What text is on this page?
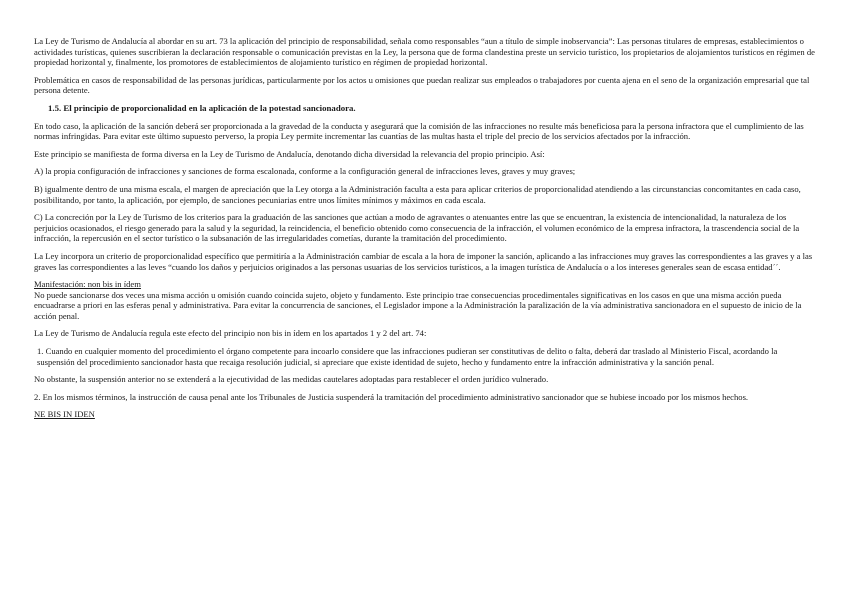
La Ley de Turismo de Andalucía al abordar en su art. 73 la aplicación del principio de responsabilidad, señala como responsables “aun a título de simple inobservancia”: Las personas titulares de empresas, establecimientos o actividades turísticas, quienes suscribieran la declaración responsable o comunicación previstas en la Ley, la persona que de forma clandestina preste un servicio turístico, los propietarios de alojamientos turísticos en régimen de propiedad horizontal y, finalmente, los promotores de establecimientos de alojamiento turístico en régimen de propiedad horizontal.

Problemática en casos de responsabilidad de las personas jurídicas, particularmente por los actos u omisiones que puedan realizar sus empleados o trabajadores por cuenta ajena en el seno de la organización empresarial que tal persona detente.

1.5. El principio de proporcionalidad en la aplicación de la potestad sancionadora.

En todo caso, la aplicación de la sanción deberá ser proporcionada a la gravedad de la conducta y asegurará que la comisión de las infracciones no resulte más beneficiosa para la persona infractora que el cumplimiento de las normas infringidas. Para evitar este último supuesto perverso, la propia Ley permite incrementar las cuantías de las multas hasta el triple del precio de los servicios afectados por la infracción.

Este principio se manifiesta de forma diversa en la Ley de Turismo de Andalucía, denotando dicha diversidad la relevancia del propio principio. Así:

A) la propia configuración de infracciones y sanciones de forma escalonada, conforme a la configuración general de infracciones leves, graves y muy graves;

B) igualmente dentro de una misma escala, el margen de apreciación que la Ley otorga a la Administración faculta a esta para aplicar criterios de proporcionalidad atendiendo a las circunstancias concomitantes en cada caso, posibilitando, por tanto, la aplicación, por ejemplo, de sanciones pecuniarias entre unos límites mínimos y máximos en cada escala.

C) La concreción por la Ley de Turismo de los criterios para la graduación de las sanciones que actúan a modo de agravantes o atenuantes entre las que se encuentran, la existencia de intencionalidad, la naturaleza de los perjuicios ocasionados, el riesgo generado para la salud y la seguridad, la reincidencia, el beneficio obtenido como consecuencia de la infracción, el volumen económico de la empresa infractora, la trascendencia social de la infracción, la repercusión en el sector turístico o la subsanación de las irregularidades cometías, durante la tramitación del procedimiento.

La Ley incorpora un criterio de proporcionalidad específico que permitiría a la Administración cambiar de escala a la hora de imponer la sanción, aplicando a las infracciones muy graves las correspondientes a las graves y a las graves las correspondientes a las leves “cuando los daños y perjuicios originados a las personas usuarias de los servicios turísticos, a la imagen turística de Andalucía o a los intereses generales sean de escasa entidad´´.

Manifestación: non bis in ídem

No puede sancionarse dos veces una misma acción u omisión cuando coincida sujeto, objeto y fundamento. Este principio trae consecuencias procedimentales significativas en los casos en que una misma acción pueda encuadrarse a priori en las esferas penal y administrativa. Para evitar la concurrencia de sanciones, el Legislador impone a la Administración la paralización de la vía administrativa sancionadora en el supuesto de inicio de la acción penal.

La Ley de Turismo de Andalucía regula este efecto del principio non bis in ídem en los apartados 1 y 2 del art. 74:

1. Cuando en cualquier momento del procedimiento el órgano competente para incoarlo considere que las infracciones pudieran ser constitutivas de delito o falta, deberá dar traslado al Ministerio Fiscal, acordando la suspensión del procedimiento sancionador hasta que recaiga resolución judicial, si apreciare que existe identidad de sujeto, hecho y fundamento entre la infracción administrativa y la sanción penal.

No obstante, la suspensión anterior no se extenderá a la ejecutividad de las medidas cautelares adoptadas para restablecer el orden jurídico vulnerado.

2. En los mismos términos, la instrucción de causa penal ante los Tribunales de Justicia suspenderá la tramitación del procedimiento administrativo sancionador que se hubiese incoado por los mismos hechos.

NE BIS IN IDEN
